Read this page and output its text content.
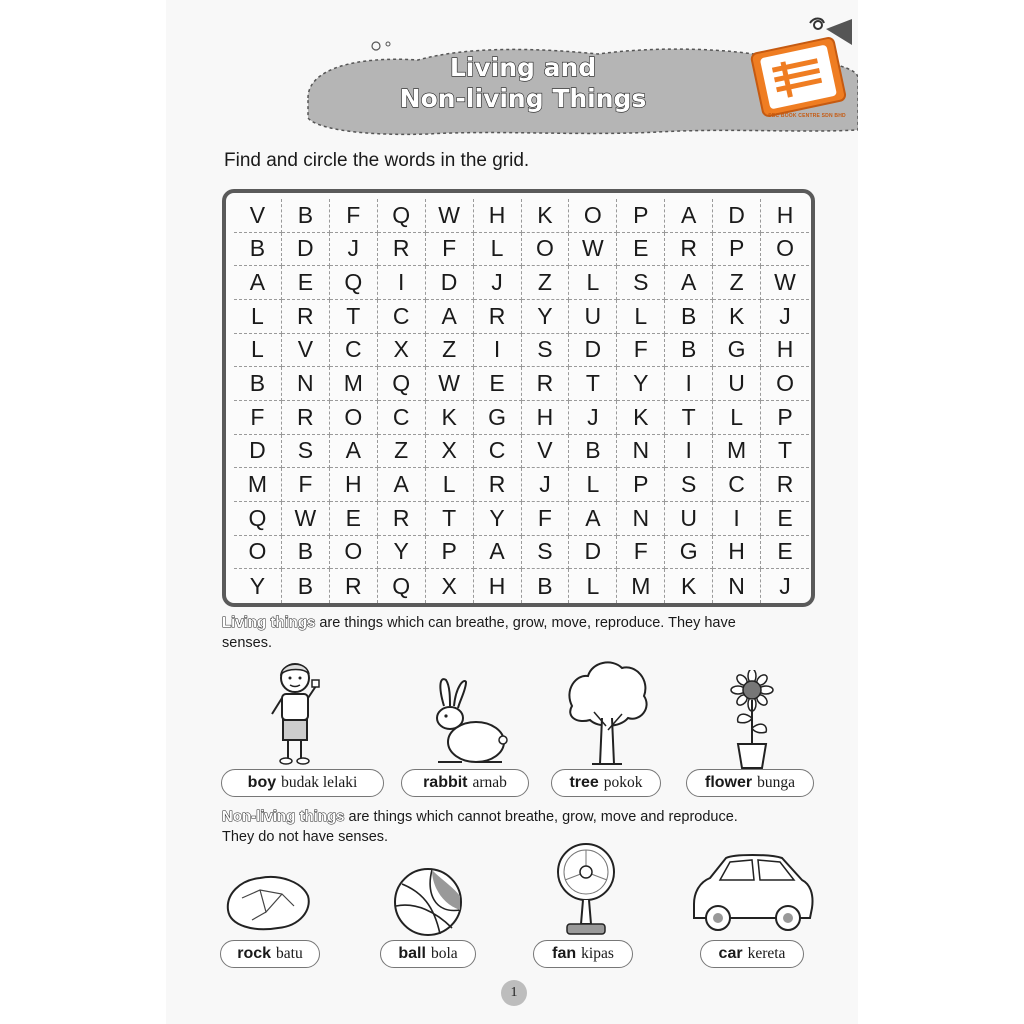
Living and
Non-living Things
SBC BOOK CENTRE SDN BHD
Find and circle the words in the grid.
V	B	F	Q	W	H	K	O	P	A	D	H
B	D	J	R	F	L	O	W	E	R	P	O
A	E	Q	I	D	J	Z	L	S	A	Z	W
L	R	T	C	A	R	Y	U	L	B	K	J
L	V	C	X	Z	I	S	D	F	B	G	H
B	N	M	Q	W	E	R	T	Y	I	U	O
F	R	O	C	K	G	H	J	K	T	L	P
D	S	A	Z	X	C	V	B	N	I	M	T
M	F	H	A	L	R	J	L	P	S	C	R
Q	W	E	R	T	Y	F	A	N	U	I	E
O	B	O	Y	P	A	S	D	F	G	H	E
Y	B	R	Q	X	H	B	L	M	K	N	J
Living things are things which can breathe, grow, move, reproduce. They have
senses.
boy budak lelaki	rabbit arnab	tree pokok	flower bunga
Non-living things are things which cannot breathe, grow, move and reproduce.
They do not have senses.
rock batu	ball bola	fan kipas	car kereta
1
